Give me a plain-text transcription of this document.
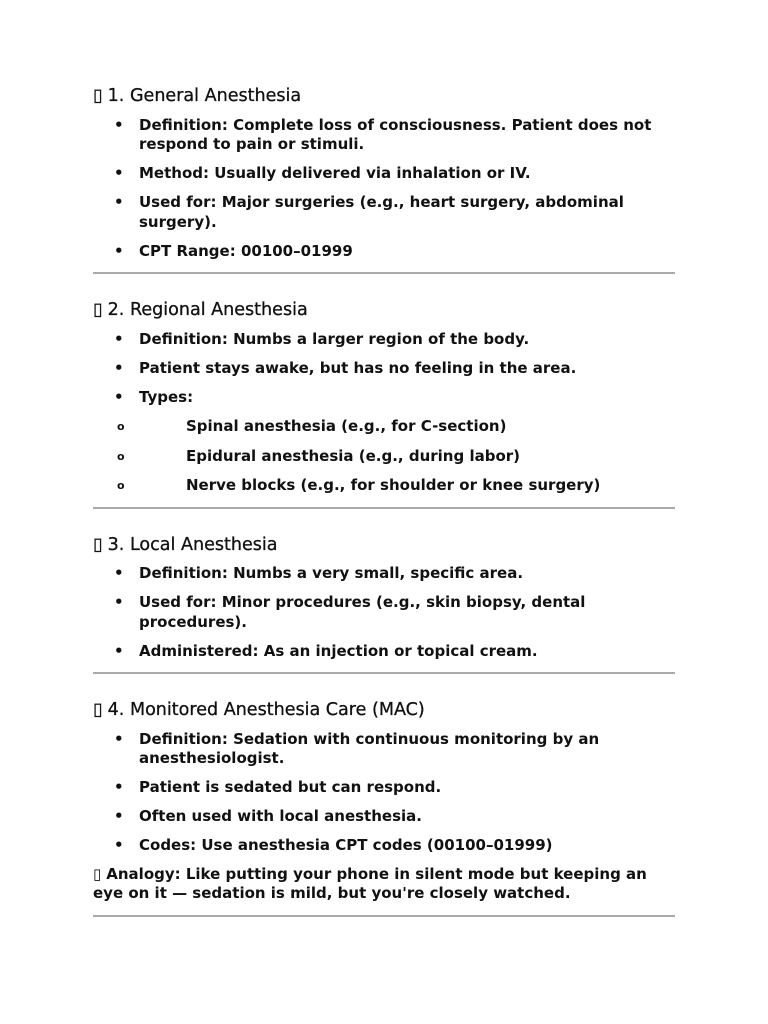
▯ 1. General Anesthesia
• Definition: Complete loss of consciousness. Patient does not respond to pain or stimuli.
• Method: Usually delivered via inhalation or IV.
• Used for: Major surgeries (e.g., heart surgery, abdominal surgery).
• CPT Range: 00100–01999
▯ 2. Regional Anesthesia
• Definition: Numbs a larger region of the body.
• Patient stays awake, but has no feeling in the area.
• Types:
o Spinal anesthesia (e.g., for C-section)
o Epidural anesthesia (e.g., during labor)
o Nerve blocks (e.g., for shoulder or knee surgery)
▯ 3. Local Anesthesia
• Definition: Numbs a very small, specific area.
• Used for: Minor procedures (e.g., skin biopsy, dental procedures).
• Administered: As an injection or topical cream.
▯ 4. Monitored Anesthesia Care (MAC)
• Definition: Sedation with continuous monitoring by an anesthesiologist.
• Patient is sedated but can respond.
• Often used with local anesthesia.
• Codes: Use anesthesia CPT codes (00100–01999)
▯ Analogy: Like putting your phone in silent mode but keeping an eye on it — sedation is mild, but you're closely watched.
